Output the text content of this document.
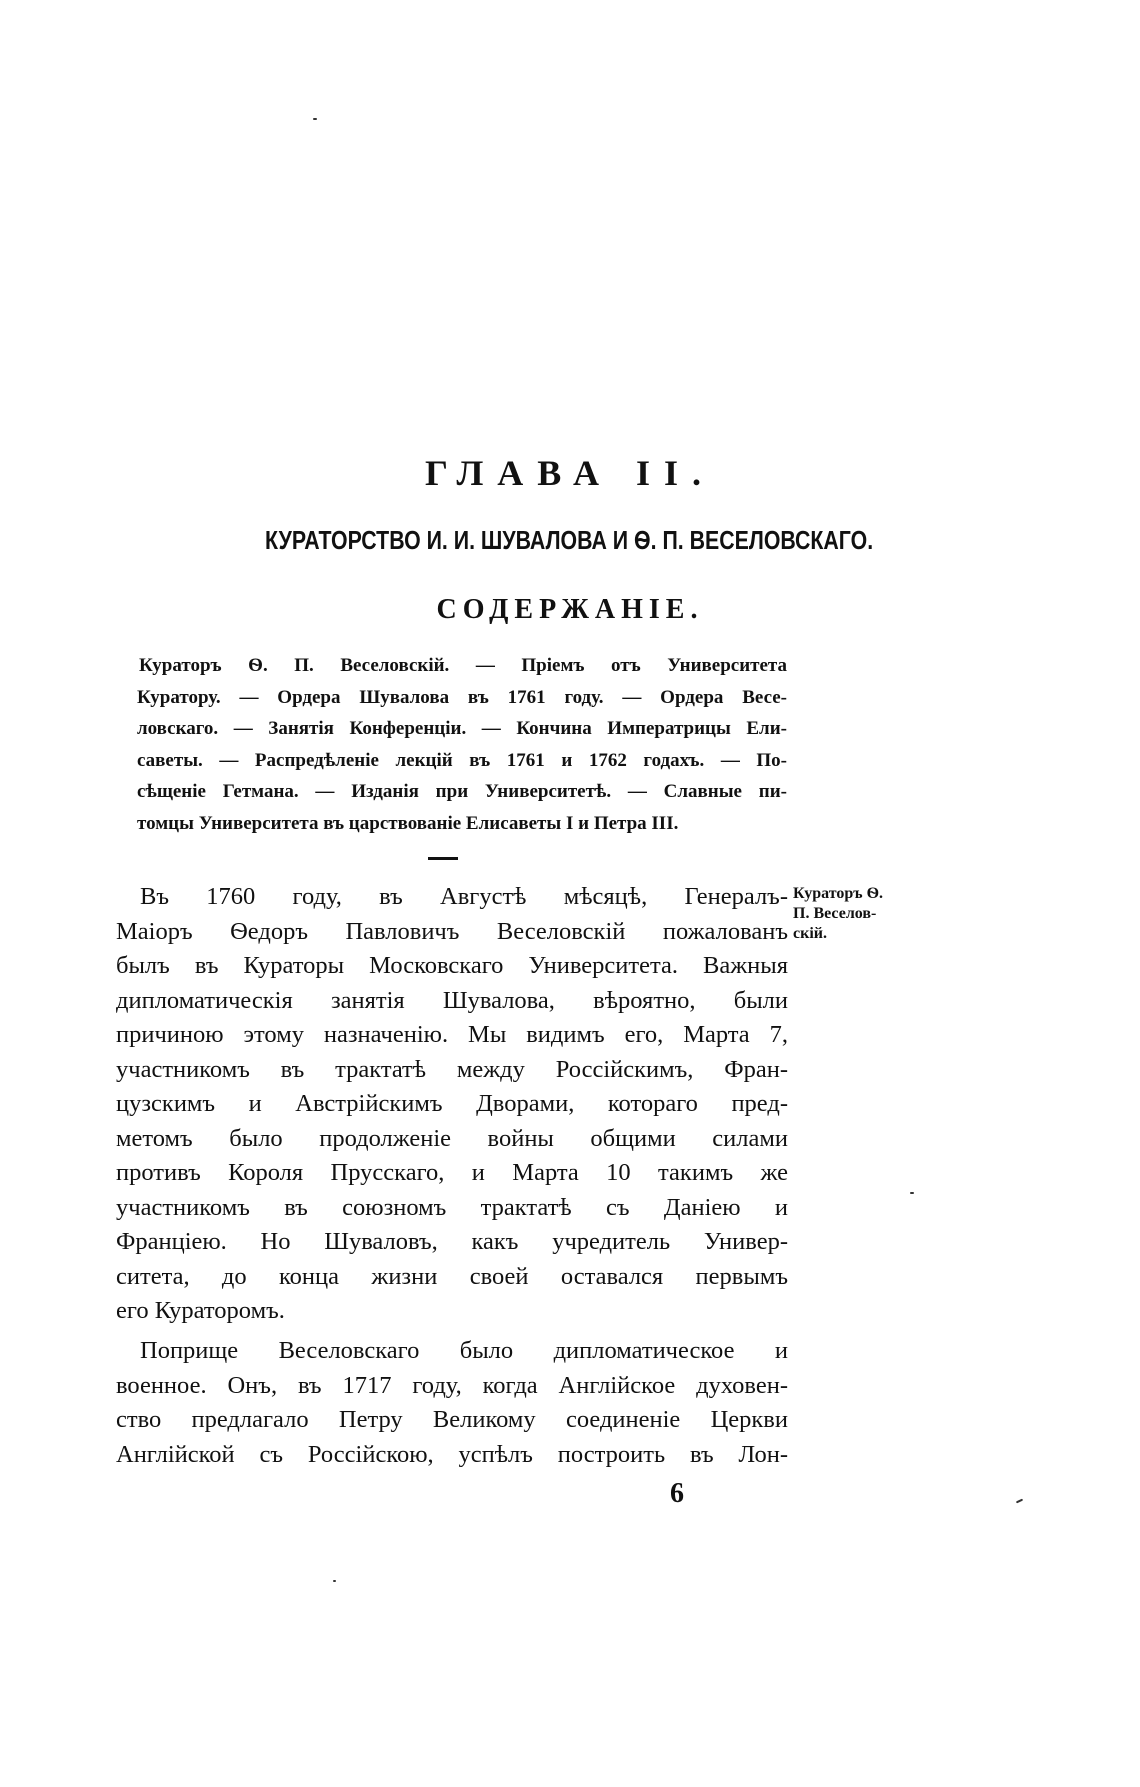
ГЛАВА II.
КУРАТОРСТВО И. И. ШУВАЛОВА И Ѳ. П. ВЕСЕЛОВСКАГО.
СОДЕРЖАНІЕ.
Кураторъ Ѳ. П. Веселовскій. — Пріемъ отъ Университета
Куратору. — Ордера Шувалова въ 1761 году. — Ордера Весе-
ловскаго. — Занятія Конференціи. — Кончина Императрицы Ели-
саветы. — Распредѣленіе лекцій въ 1761 и 1762 годахъ. — По-
сѣщеніе Гетмана. — Изданія при Университетѣ. — Славные пи-
томцы Университета въ царствованіе Елисаветы I и Петра III.
Въ 1760 году, въ Августѣ мѣсяцѣ, Генералъ-
Маіоръ Ѳедоръ Павловичъ Веселовскій пожалованъ
былъ въ Кураторы Московскаго Университета. Важныя
дипломатическія занятія Шувалова, вѣроятно, были
причиною этому назначенію. Мы видимъ его, Марта 7,
участникомъ въ трактатѣ между Россійскимъ, Фран-
цузскимъ и Австрійскимъ Дворами, котораго пред-
метомъ было продолженіе войны общими силами
противъ Короля Прусскаго, и Марта 10 такимъ же
участникомъ въ союзномъ трактатѣ съ Даніею и
Франціею. Но Шуваловъ, какъ учредитель Универ-
ситета, до конца жизни своей оставался первымъ
его Кураторомъ.
Поприще Веселовскаго было дипломатическое и
военное. Онъ, въ 1717 году, когда Англійское духовен-
ство предлагало Петру Великому соединеніе Церкви
Англійской съ Россійскою, успѣлъ построить въ Лон-
Кураторъ Ѳ.
П. Веселов-
скій.
6
